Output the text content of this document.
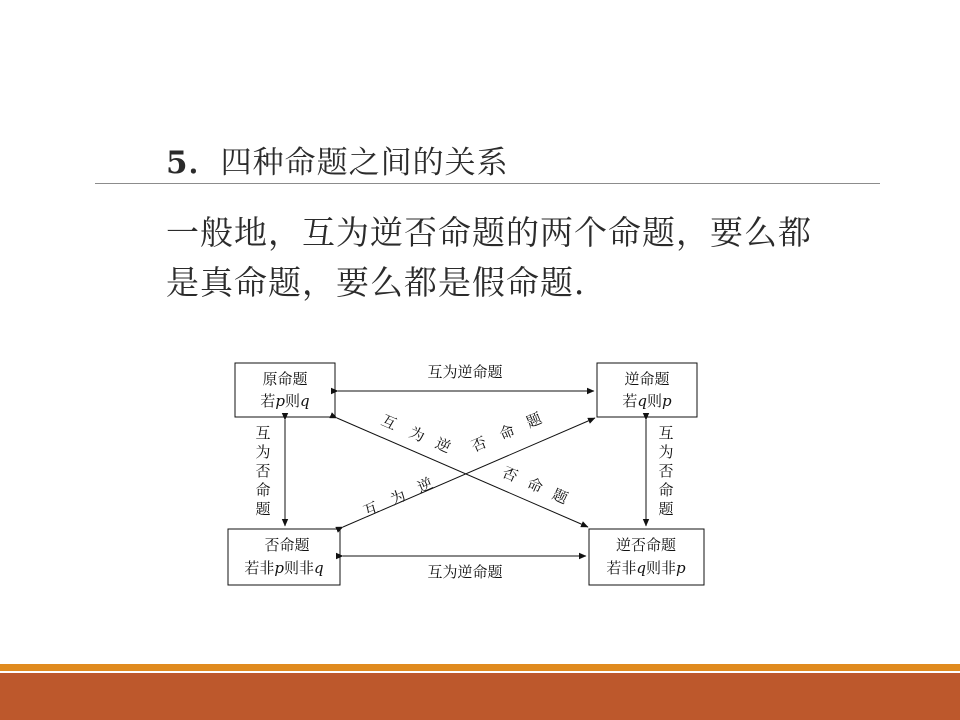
5．四种命题之间的关系
一般地，互为逆否命题的两个命题，要么都
是真命题，要么都是假命题．
原命题
若p则q
逆命题
若q则p
否命题
若非p则非q
逆否命题
若非q则非p
互为逆命题
互为逆命题
互
为
否
命
题
互
为
否
命
题
互
为 逆
否 命 题
互
为
逆
否
命
题
